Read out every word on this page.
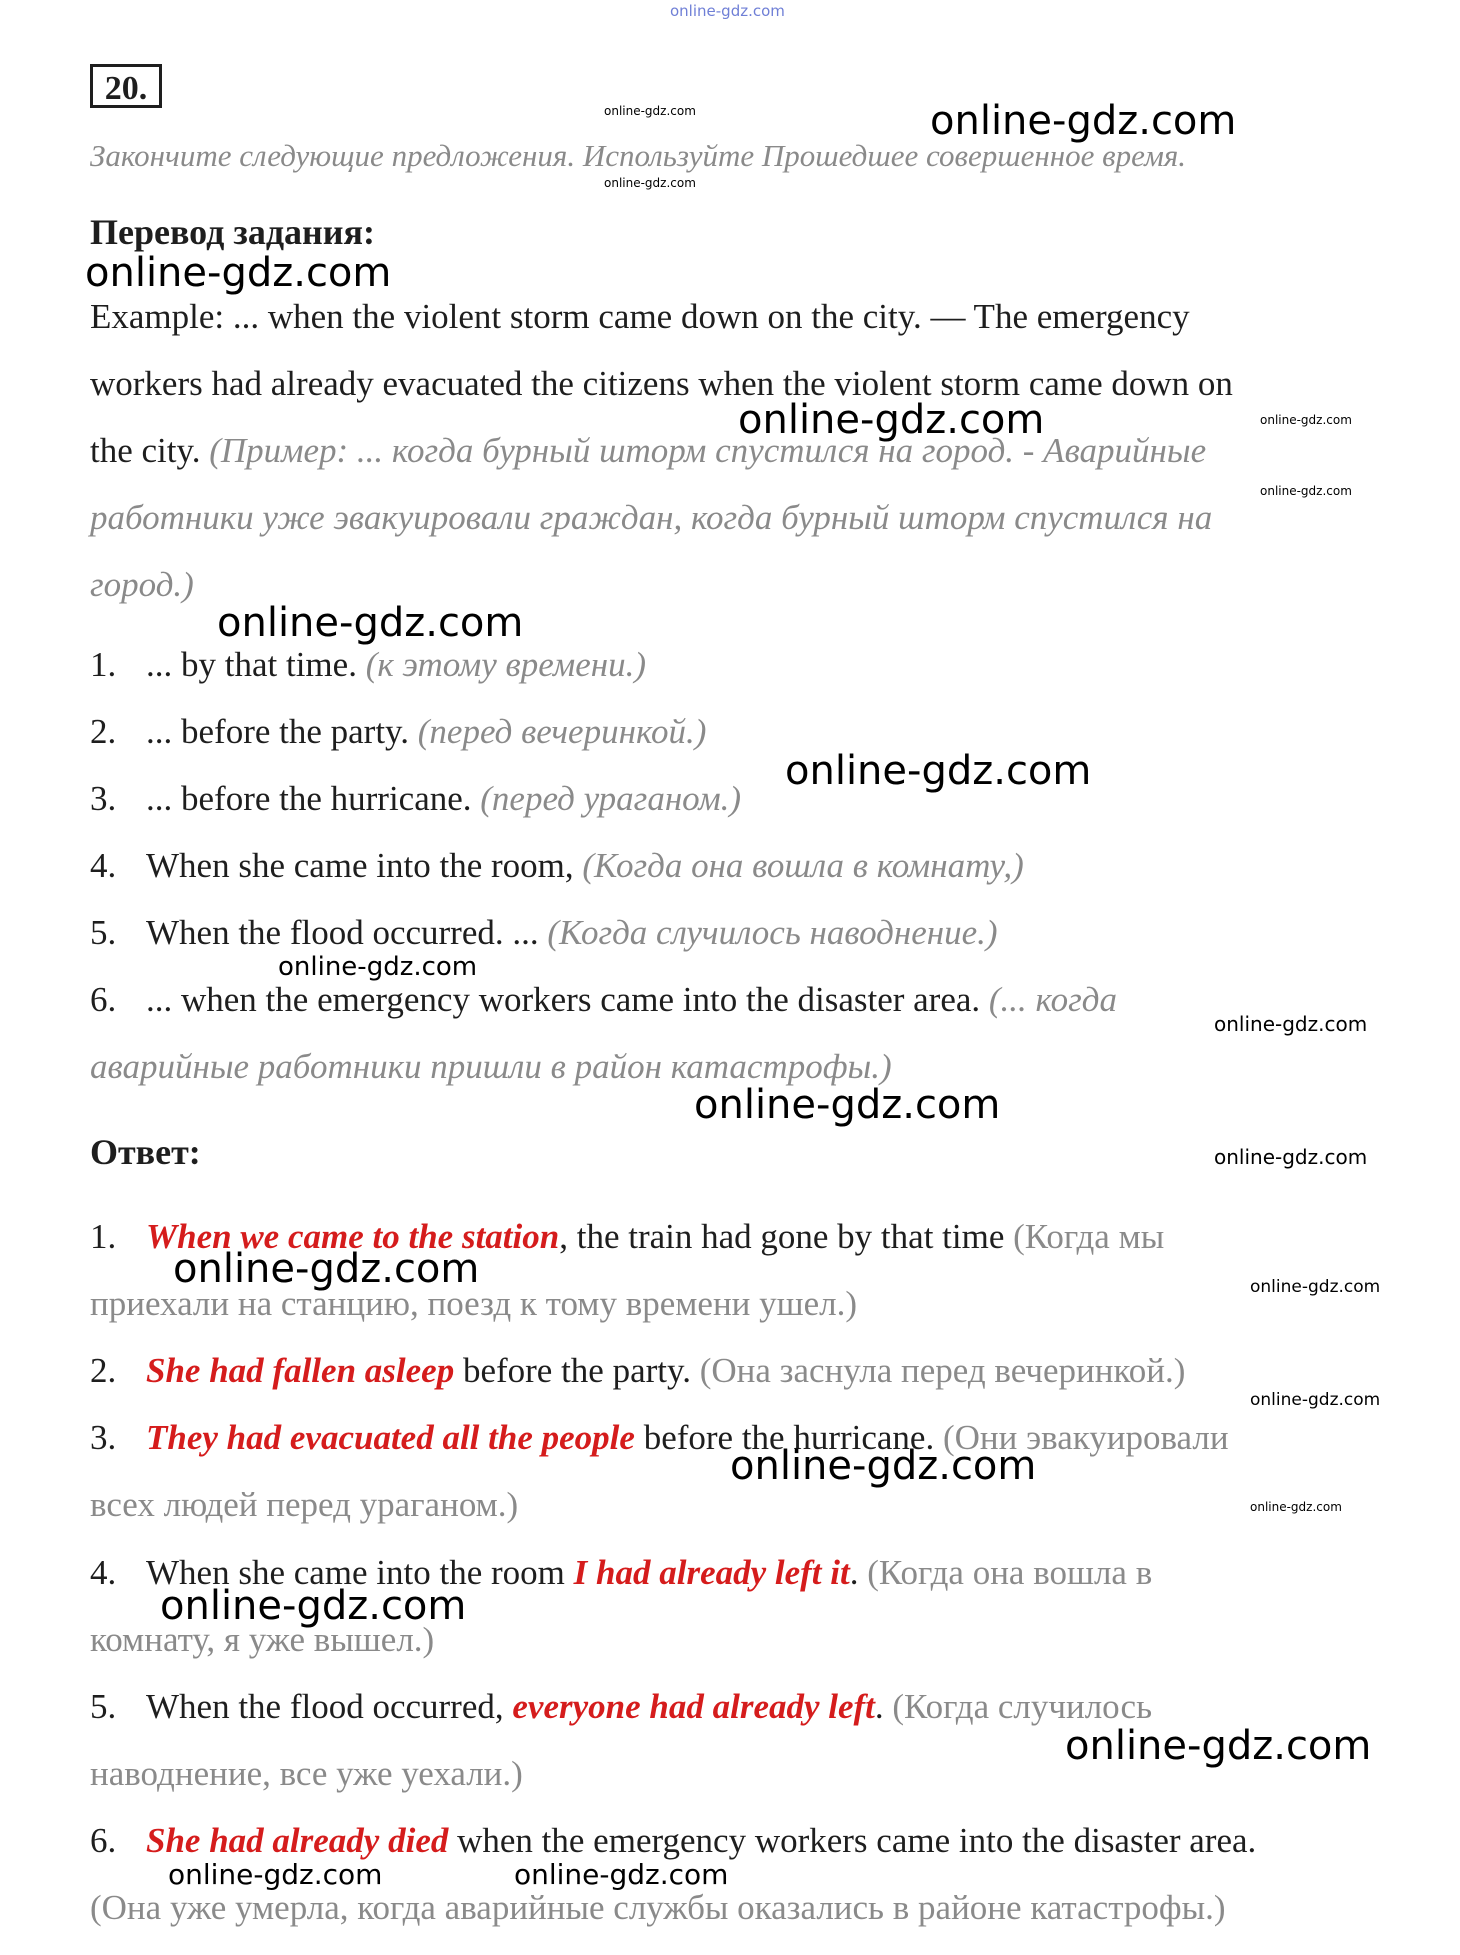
online-gdz.com
20.
Закончите следующие предложения. Используйте Прошедшее совершенное время.
Перевод задания:
Example: ... when the violent storm came down on the city. — The emergency
workers had already evacuated the citizens when the violent storm came down on
the city. (Пример: ... когда бурный шторм спустился на город. - Аварийные
работники уже эвакуировали граждан, когда бурный шторм спустился на
город.)
1. ... by that time. (к этому времени.)
2. ... before the party. (перед вечеринкой.)
3. ... before the hurricane. (перед ураганом.)
4. When she came into the room, (Когда она вошла в комнату,)
5. When the flood occurred. ... (Когда случилось наводнение.)
6. ... when the emergency workers came into the disaster area. (... когда
аварийные работники пришли в район катастрофы.)
Ответ:
1. When we came to the station, the train had gone by that time (Когда мы
приехали на станцию, поезд к тому времени ушел.)
2. She had fallen asleep before the party. (Она заснула перед вечеринкой.)
3. They had evacuated all the people before the hurricane. (Они эвакуировали
всех людей перед ураганом.)
4. When she came into the room I had already left it. (Когда она вошла в
комнату, я уже вышел.)
5. When the flood occurred, everyone had already left. (Когда случилось
наводнение, все уже уехали.)
6. She had already died when the emergency workers came into the disaster area.
(Она уже умерла, когда аварийные службы оказались в районе катастрофы.)
online-gdz.com	online-gdz.com
online-gdz.com
online-gdz.com
online-gdz.com	online-gdz.com
online-gdz.com
online-gdz.com
online-gdz.com
online-gdz.com
online-gdz.com
online-gdz.com
online-gdz.com
online-gdz.com	online-gdz.com
online-gdz.com
online-gdz.com
online-gdz.com
online-gdz.com
online-gdz.com
online-gdz.com	online-gdz.com
